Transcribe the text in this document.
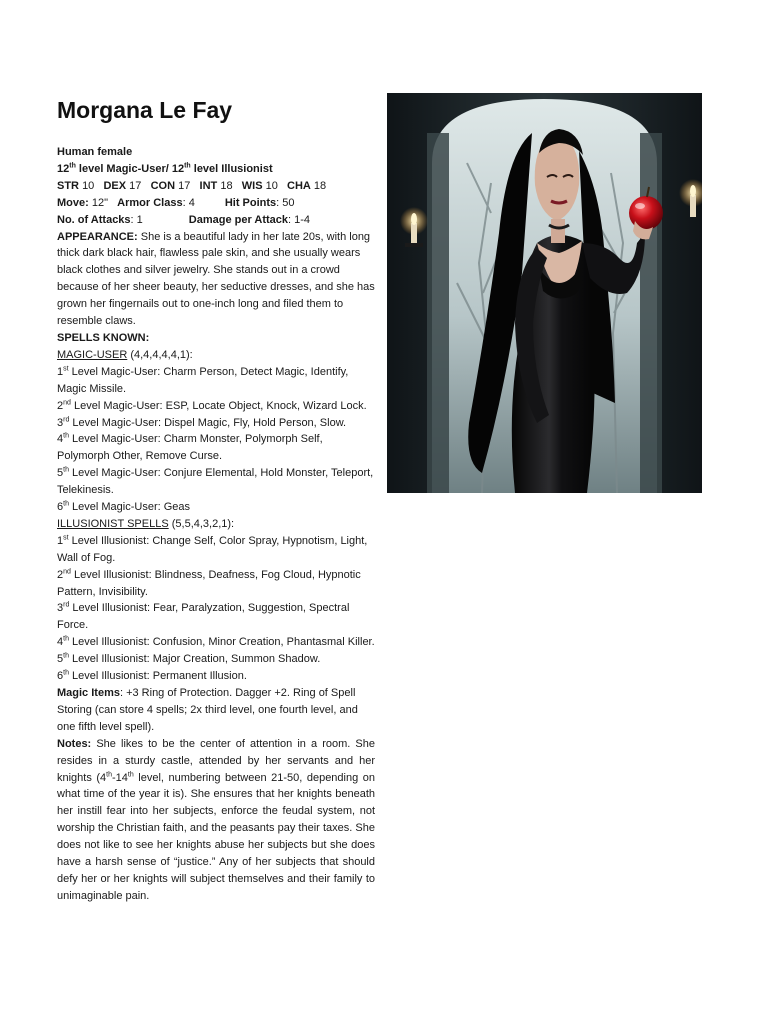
Morgana Le Fay

Human female

12th level Magic-User/ 12th level Illusionist

STR 10 DEX 17 CON 17 INT 18 WIS 10 CHA 18

Move: 12" Armor Class: 4	Hit Points: 50

No. of Attacks: 1	Damage per Attack: 1-4

APPEARANCE: She is a beautiful lady in her late 20s, with long thick dark black hair, flawless pale skin, and she usually wears black clothes and silver jewelry. She stands out in a crowd because of her sheer beauty, her seductive dresses, and she has grown her fingernails out to one-inch long and filed them to resemble claws.

SPELLS KNOWN:

MAGIC-USER (4,4,4,4,4,1):

1st Level Magic-User: Charm Person, Detect Magic, Identify, Magic Missile.

2nd Level Magic-User: ESP, Locate Object, Knock, Wizard Lock.

3rd Level Magic-User: Dispel Magic, Fly, Hold Person, Slow.

4th Level Magic-User: Charm Monster, Polymorph Self, Polymorph Other, Remove Curse.

5th Level Magic-User: Conjure Elemental, Hold Monster, Teleport, Telekinesis.

6th Level Magic-User: Geas

ILLUSIONIST SPELLS (5,5,4,3,2,1):

1st Level Illusionist: Change Self, Color Spray, Hypnotism, Light, Wall of Fog.

2nd Level Illusionist: Blindness, Deafness, Fog Cloud, Hypnotic Pattern, Invisibility.

3rd Level Illusionist: Fear, Paralyzation, Suggestion, Spectral Force.

4th Level Illusionist: Confusion, Minor Creation, Phantasmal Killer.

5th Level Illusionist: Major Creation, Summon Shadow.

6th Level Illusionist: Permanent Illusion.

Magic Items: +3 Ring of Protection. Dagger +2. Ring of Spell Storing (can store 4 spells; 2x third level, one fourth level, and one fifth level spell).

Notes: She likes to be the center of attention in a room. She resides in a sturdy castle, attended by her servants and her knights (4th-14th level, numbering between 21-50, depending on what time of the year it is). She ensures that her knights beneath her instill fear into her subjects, enforce the feudal system, not worship the Christian faith, and the peasants pay their taxes. She does not like to see her knights abuse her subjects but she does have a harsh sense of “justice.” Any of her subjects that should defy her or her knights will subject themselves and their family to unimaginable pain.
